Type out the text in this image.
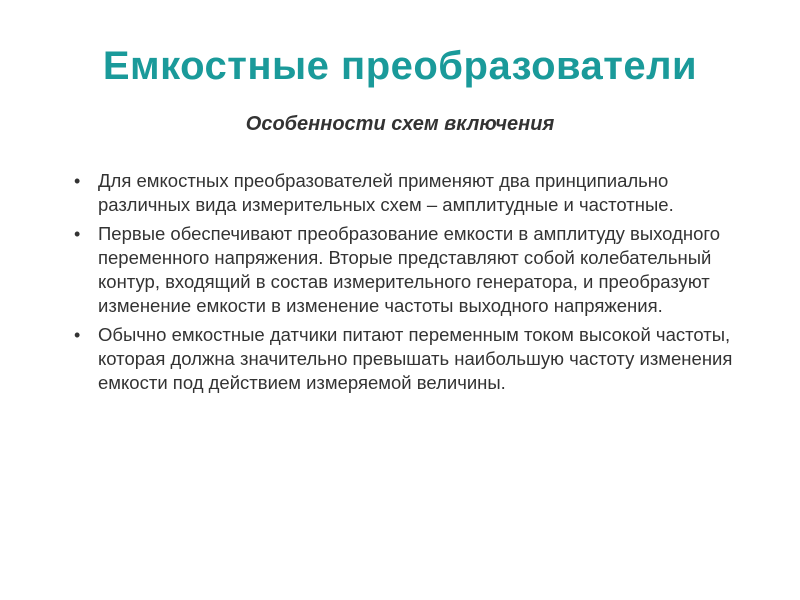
Емкостные преобразователи
Особенности схем включения
• Для емкостных преобразователей применяют два принципиально различных вида измерительных схем – амплитудные и частотные.
• Первые обеспечивают преобразование емкости в амплитуду выходного переменного напряжения. Вторые представляют собой колебательный контур, входящий в состав измерительного генератора, и преобразуют изменение емкости в изменение частоты выходного напряжения.
• Обычно емкостные датчики питают переменным током высокой частоты, которая должна значительно превышать наибольшую частоту изменения емкости под действием измеряемой величины.
